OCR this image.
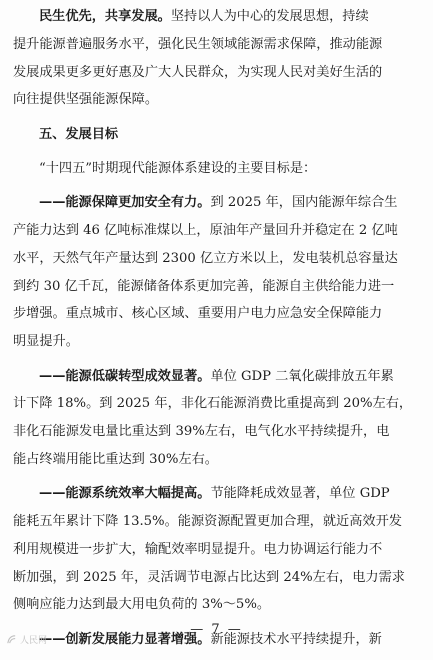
民生优先，共享发展。坚持以人为中心的发展思想，持续
提升能源普遍服务水平，强化民生领域能源需求保障，推动能源
发展成果更多更好惠及广大人民群众，为实现人民对美好生活的
向往提供坚强能源保障。
五、发展目标
“十四五”时期现代能源体系建设的主要目标是：
——能源保障更加安全有力。到 2025 年，国内能源年综合生
产能力达到 46 亿吨标准煤以上，原油年产量回升并稳定在 2 亿吨
水平，天然气年产量达到 2300 亿立方米以上，发电装机总容量达
到约 30 亿千瓦，能源储备体系更加完善，能源自主供给能力进一
步增强。重点城市、核心区域、重要用户电力应急安全保障能力
明显提升。
——能源低碳转型成效显著。单位 GDP 二氧化碳排放五年累
计下降 18%。到 2025 年，非化石能源消费比重提高到 20%左右，
非化石能源发电量比重达到 39%左右，电气化水平持续提升，电
能占终端用能比重达到 30%左右。
——能源系统效率大幅提高。节能降耗成效显著，单位 GDP
能耗五年累计下降 13.5%。能源资源配置更加合理，就近高效开发
利用规模进一步扩大，输配效率明显提升。电力协调运行能力不
断加强，到 2025 年，灵活调节电源占比达到 24%左右，电力需求
侧响应能力达到最大用电负荷的 3%～5%。
——创新发展能力显著增强。新能源技术水平持续提升，新
— 7 —
人民网
